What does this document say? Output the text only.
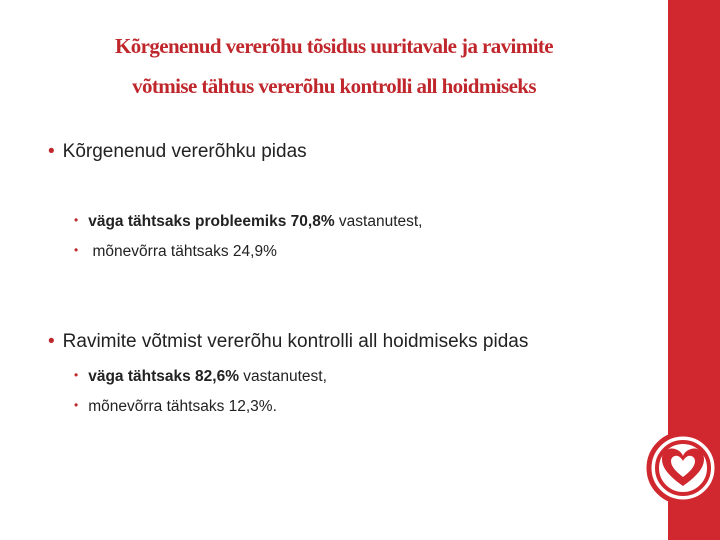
Kõrgenenud vererõhu tõsidus uuritavale ja ravimite
võtmise tähtus vererõhu kontrolli all hoidmiseks
• Kõrgenenud vererõhku pidas
• väga tähtsaks probleemiks 70,8% vastanutest,
• mõnevõrra tähtsaks 24,9%
• Ravimite võtmist vererõhu kontrolli all hoidmiseks pidas
• väga tähtsaks 82,6% vastanutest,
• mõnevõrra tähtsaks 12,3%.
